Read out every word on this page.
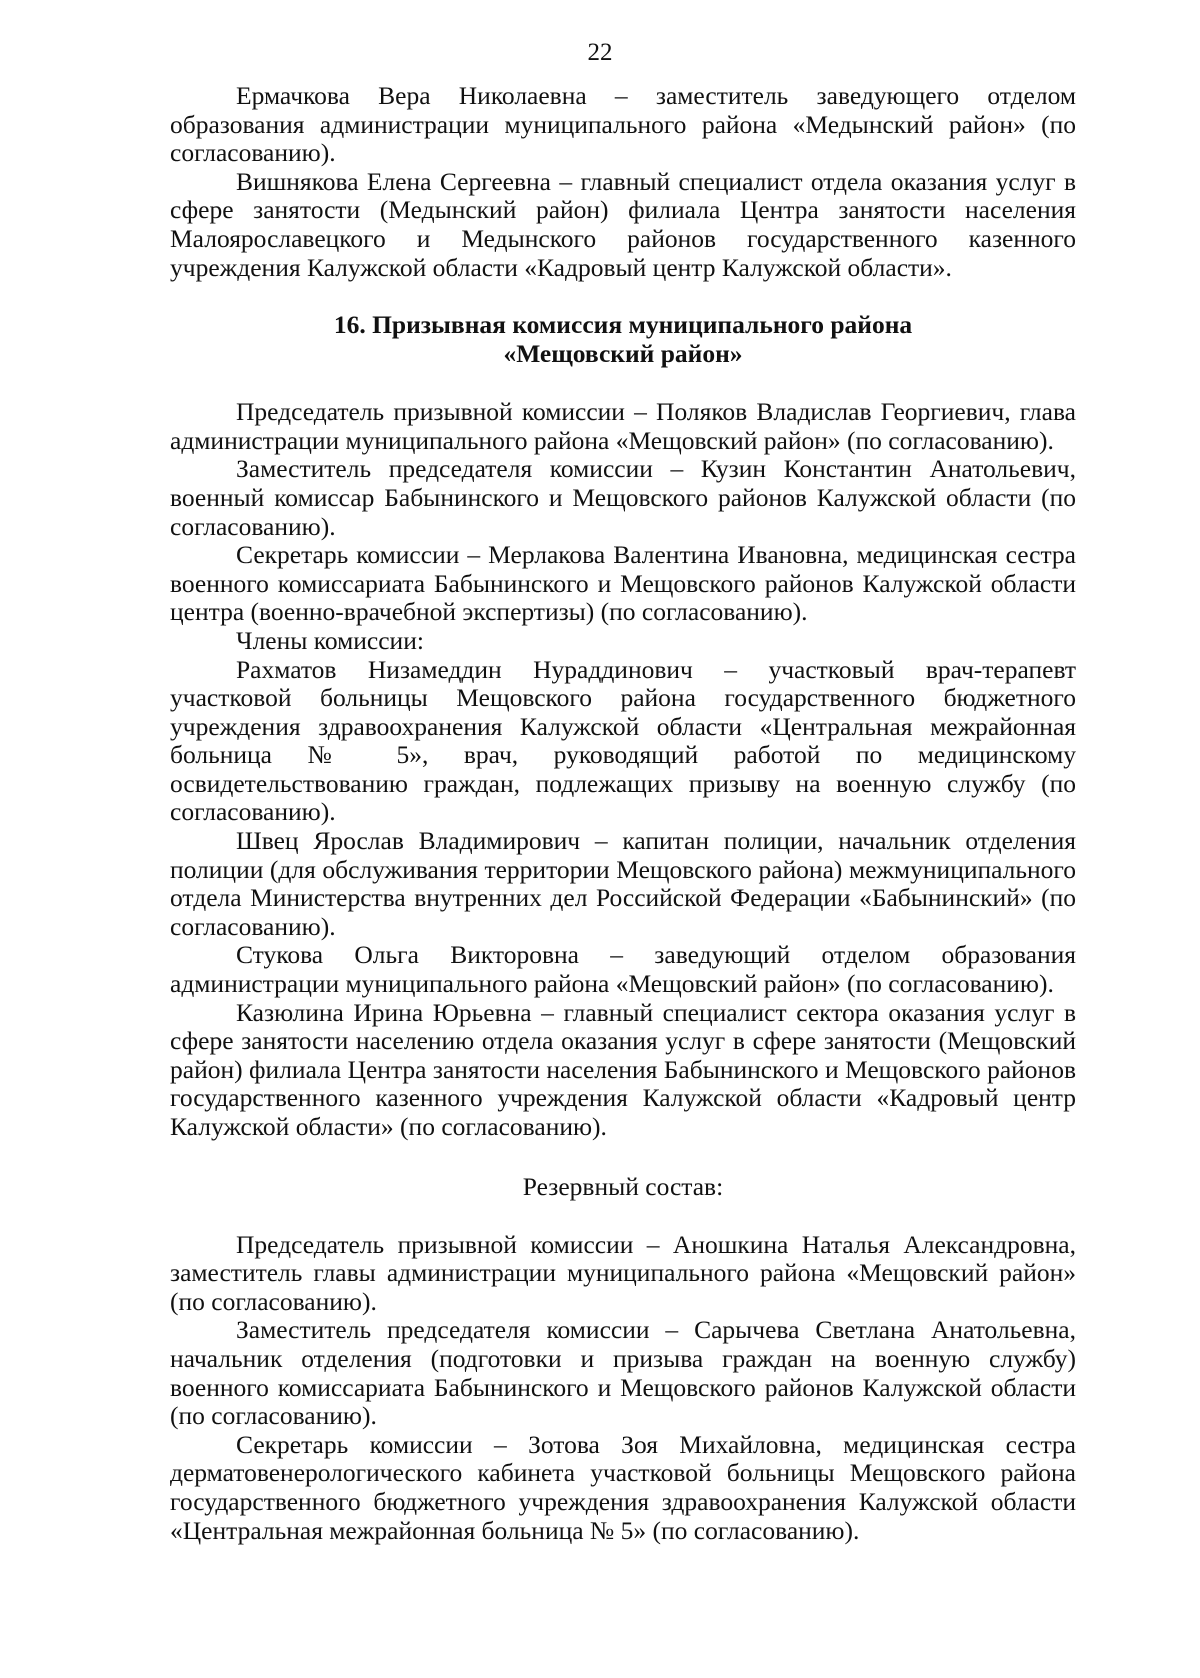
22

Ермачкова Вера Николаевна – заместитель заведующего отделом образования администрации муниципального района «Медынский район» (по согласованию).

Вишнякова Елена Сергеевна – главный специалист отдела оказания услуг в сфере занятости (Медынский район) филиала Центра занятости населения Малоярославецкого и Медынского районов государственного казенного учреждения Калужской области «Кадровый центр Калужской области».

16. Призывная комиссия муниципального района
«Мещовский район»

Председатель призывной комиссии – Поляков Владислав Георгиевич, глава администрации муниципального района «Мещовский район» (по согласованию).

Заместитель председателя комиссии – Кузин Константин Анатольевич, военный комиссар Бабынинского и Мещовского районов Калужской области (по согласованию).

Секретарь комиссии – Мерлакова Валентина Ивановна, медицинская сестра военного комиссариата Бабынинского и Мещовского районов Калужской области центра (военно-врачебной экспертизы) (по согласованию).

Члены комиссии:

Рахматов Низамеддин Нураддинович – участковый врач-терапевт участковой больницы Мещовского района государственного бюджетного учреждения здравоохранения Калужской области «Центральная межрайонная больница № 5», врач, руководящий работой по медицинскому освидетельствованию граждан, подлежащих призыву на военную службу (по согласованию).

Швец Ярослав Владимирович – капитан полиции, начальник отделения полиции (для обслуживания территории Мещовского района) межмуниципального отдела Министерства внутренних дел Российской Федерации «Бабынинский» (по согласованию).

Стукова Ольга Викторовна – заведующий отделом образования администрации муниципального района «Мещовский район» (по согласованию).

Казюлина Ирина Юрьевна – главный специалист сектора оказания услуг в сфере занятости населению отдела оказания услуг в сфере занятости (Мещовский район) филиала Центра занятости населения Бабынинского и Мещовского районов государственного казенного учреждения Калужской области «Кадровый центр Калужской области» (по согласованию).

Резервный состав:

Председатель призывной комиссии – Аношкина Наталья Александровна, заместитель главы администрации муниципального района «Мещовский район» (по согласованию).

Заместитель председателя комиссии – Сарычева Светлана Анатольевна, начальник отделения (подготовки и призыва граждан на военную службу) военного комиссариата Бабынинского и Мещовского районов Калужской области (по согласованию).

Секретарь комиссии – Зотова Зоя Михайловна, медицинская сестра дерматовенерологического кабинета участковой больницы Мещовского района государственного бюджетного учреждения здравоохранения Калужской области «Центральная межрайонная больница № 5» (по согласованию).
